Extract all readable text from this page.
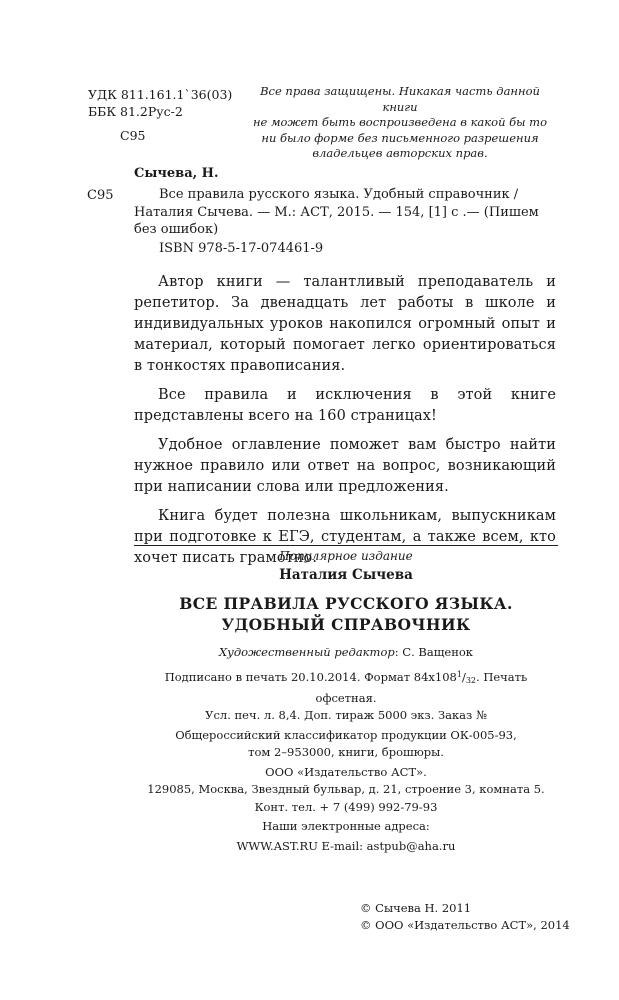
УДК 811.161.1`36(03)
ББК 81.2Рус-2
С95
Все права защищены. Никакая часть данной книги
не может быть воспроизведена в какой бы то
ни было форме без письменного разрешения
владельцев авторских прав.
Сычева, Н.
С95	Все правила русского языка. Удобный справочник /
Наталия Сычева. — М.: АСТ, 2015. — 154, [1] с .— (Пишем
без ошибок)
ISBN 978-5-17-074461-9

Автор книги — талантливый преподаватель и репетитор. За двенадцать лет работы в школе и индивидуальных уроков накопился огромный опыт и материал, который помогает легко ориентироваться в тонкостях правописания.

Все правила и исключения в этой книге представлены всего на 160 страницах!

Удобное оглавление поможет вам быстро найти нужное правило или ответ на вопрос, возникающий при написании слова или предложения.

Книга будет полезна школьникам, выпускникам при подготовке к ЕГЭ, студентам, а также всем, кто хочет писать грамотно.

Популярное издание
Наталия Сычева
ВСЕ ПРАВИЛА РУССКОГО ЯЗЫКА.
УДОБНЫЙ СПРАВОЧНИК
Художественный редактор: С. Ващенок
Подписано в печать 20.10.2014. Формат $84х108^1/_{32}$. Печать офсетная.
Усл. печ. л. 8,4. Доп. тираж 5000 экз. Заказ №
Общероссийский классификатор продукции ОК-005-93,
том 2–953000, книги, брошюры.
ООО «Издательство АСТ».
129085, Москва, Звездный бульвар, д. 21, строение 3, комната 5.
Конт. тел. + 7 (499) 992-79-93
Наши электронные адреса:
WWW.AST.RU E-mail: astpub@aha.ru
© Сычева Н. 2011
© ООО «Издательство АСТ», 2014
